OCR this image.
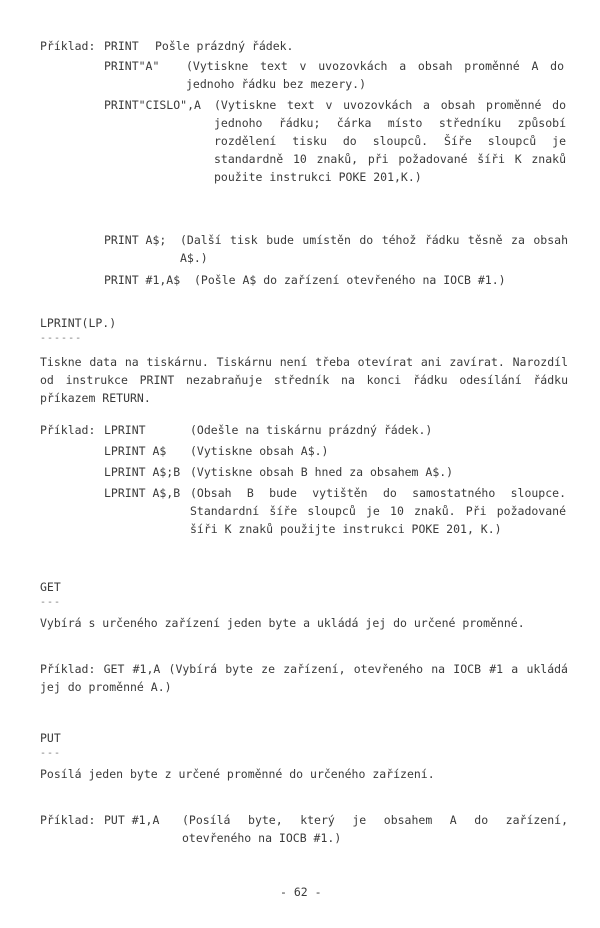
Příklad: PRINT Pošle prázdný řádek.
PRINT"A" (Vytiskne text v uvozovkách a obsah proměnné A do jednoho řádku bez mezery.)
PRINT"CISLO",A (Vytiskne text v uvozovkách a obsah proměnné do jednoho řádku; čárka místo středníku způsobí rozdělení tisku do sloupců. Šíře sloupců je standardně 10 znaků, při požadované šíři K znaků použite instrukci POKE 201,K.)
PRINT A$; (Další tisk bude umístěn do téhož řádku těsně za obsah A$.)
PRINT #1,A$ (Pošle A$ do zařízení otevřeného na IOCB #1.)
LPRINT(LP.)
------
Tiskne data na tiskárnu. Tiskárnu není třeba otevírat ani zavírat. Narozdíl od instrukce PRINT nezabraňuje středník na konci řádku odesílání řádku příkazem RETURN.
Příklad: LPRINT	(Odešle na tiskárnu prázdný řádek.)
LPRINT A$ (Vytiskne obsah A$.)
LPRINT A$;B (Vytiskne obsah B hned za obsahem A$.)
LPRINT A$,B (Obsah B bude vytištěn do samostatného sloupce. Standardní šíře sloupců je 10 znaků. Při požadované šíři K znaků použijte instrukci POKE 201, K.)
GET
---
Vybírá s určeného zařízení jeden byte a ukládá jej do určené proměnné.
Příklad: GET #1,A (Vybírá byte ze zařízení, otevřeného na IOCB #1 a ukládá jej do proměnné A.)
PUT
---
Posílá jeden byte z určené proměnné do určeného zařízení.
Příklad: PUT #1,A (Posílá byte, který je obsahem A do zařízení, otevřeného na IOCB #1.)
- 62 -
